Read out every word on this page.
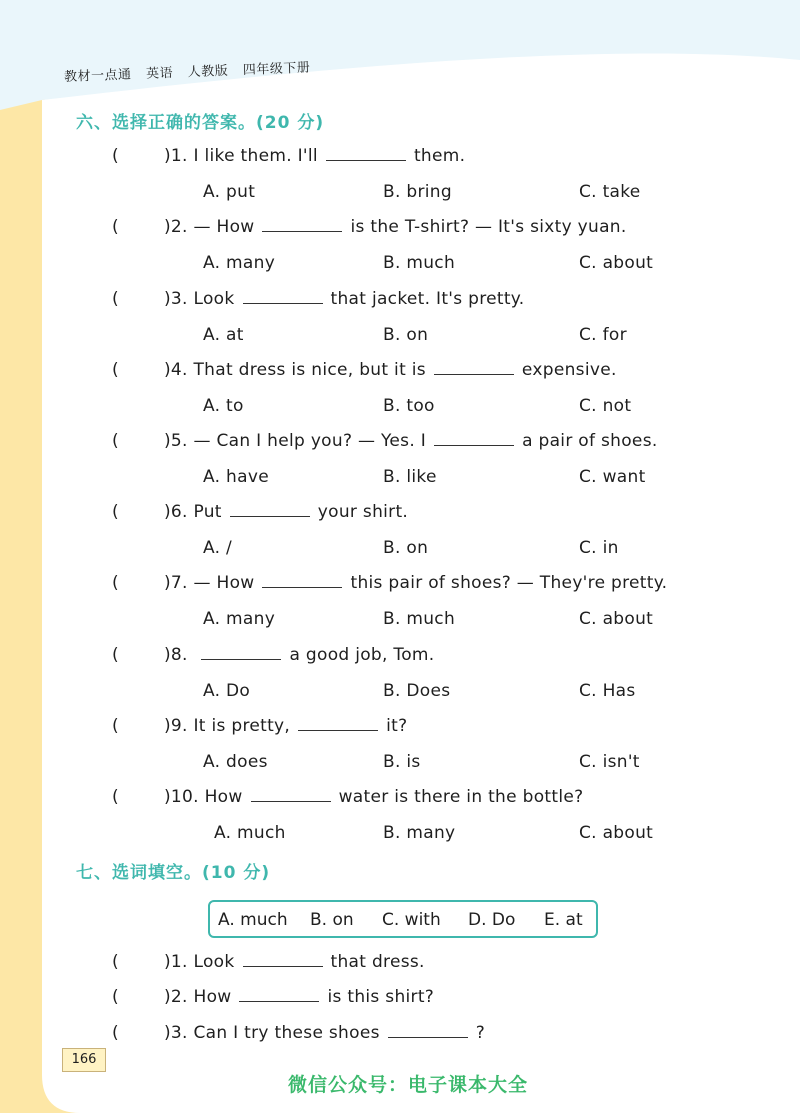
教材一点通 英语 人教版 四年级下册
六、选择正确的答案。(20 分)
(	)1. I like them. I'll	them.
A. put	B. bring	C. take
(	)2. — How	is the T-shirt? — It's sixty yuan.
A. many	B. much	C. about
(	)3. Look	that jacket. It's pretty.
A. at	B. on	C. for
(	)4. That dress is nice, but it is	expensive.
A. to	B. too	C. not
(	)5. — Can I help you? — Yes. I	a pair of shoes.
A. have	B. like	C. want
(	)6. Put	your shirt.
A. /	B. on	C. in
(	)7. — How	this pair of shoes? — They're pretty.
A. many	B. much	C. about
(	)8.	a good job, Tom.
A. Do	B. Does	C. Has
(	)9. It is pretty,	it?
A. does	B. is	C. isn't
(	)10. How	water is there in the bottle?
A. much	B. many	C. about
七、选词填空。(10 分)
A. much B. on C. with D. Do E. at
(	)1. Look	that dress.
(	)2. How	is this shirt?
(	)3. Can I try these shoes	?
166
微信公众号：电子课本大全
